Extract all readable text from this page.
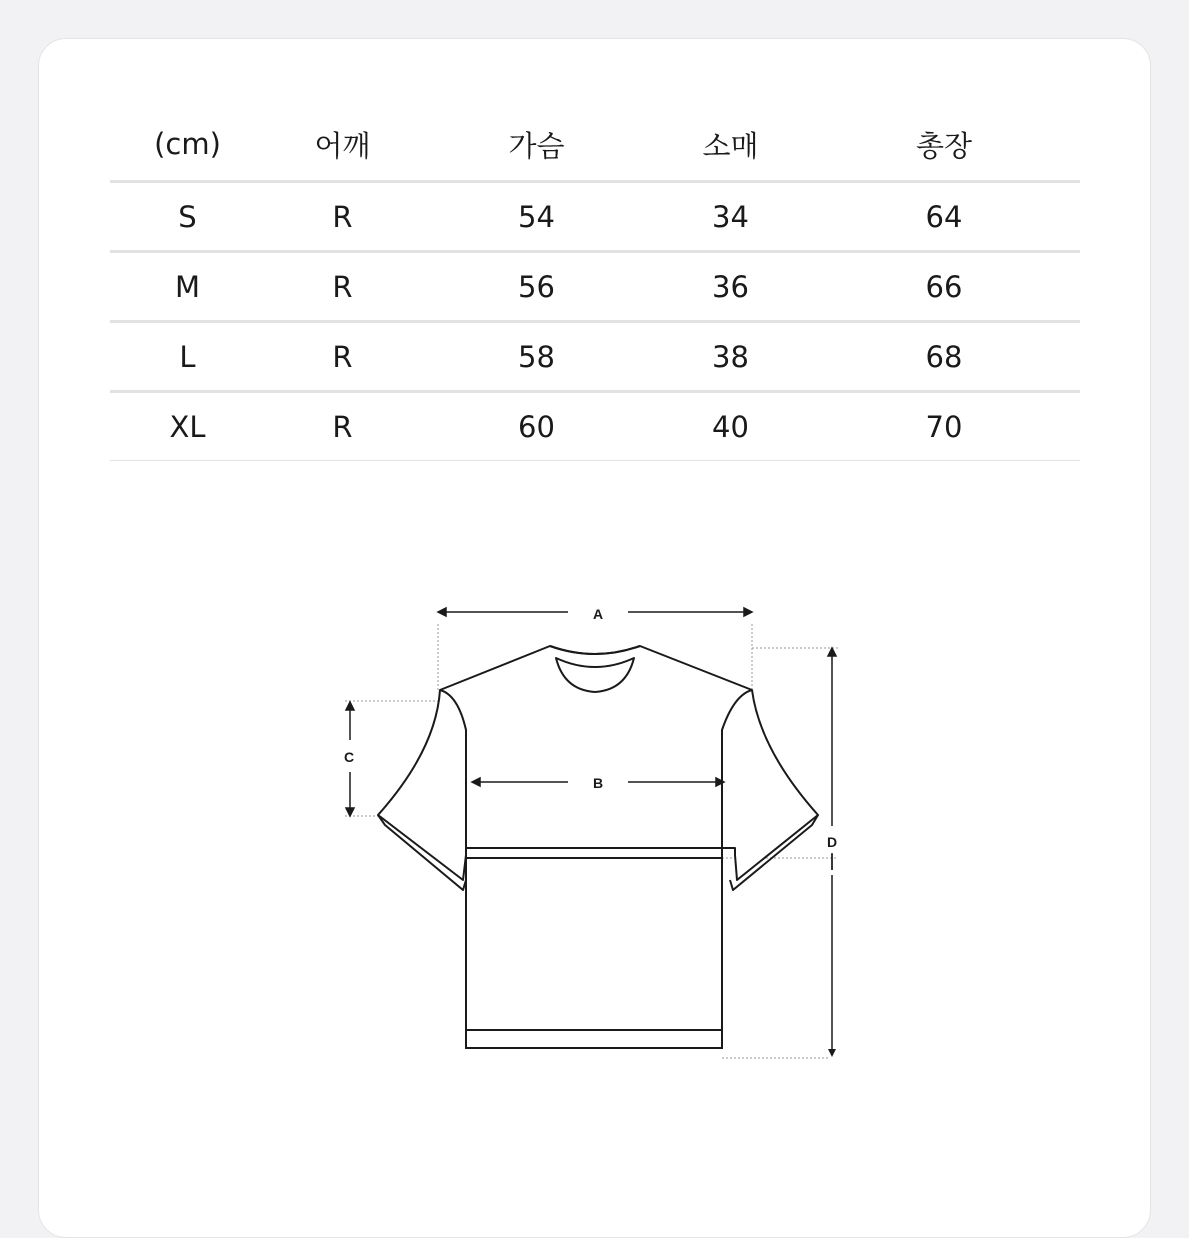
(cm)	어깨	가슴	소매	총장
S	R	54	34	64
M	R	56	36	66
L	R	58	38	68
XL	R	60	40	70
A
B
C
D
